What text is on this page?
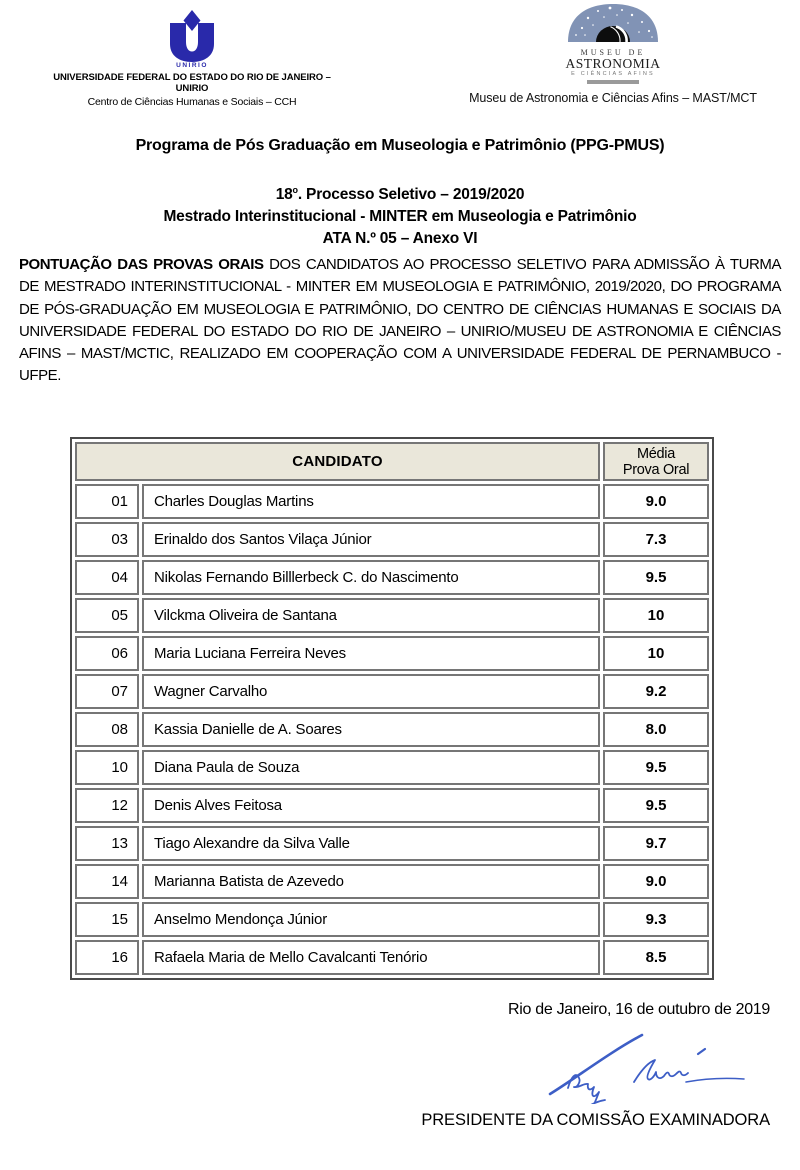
UNIRIO
UNIVERSIDADE FEDERAL DO ESTADO DO RIO DE JANEIRO – UNIRIO
Centro de Ciências Humanas e Sociais – CCH
MUSEU DE
ASTRONOMIA
E CIÊNCIAS AFINS
Museu de Astronomia e Ciências Afins – MAST/MCT
Programa de Pós Graduação em Museologia e Patrimônio (PPG-PMUS)
18$^o$. Processo Seletivo – 2019/2020
Mestrado Interinstitucional - MINTER em Museologia e Patrimônio
ATA N.º 05 – Anexo VI

PONTUAÇÃO DAS PROVAS ORAIS DOS CANDIDATOS AO PROCESSO SELETIVO PARA ADMISSÃO À TURMA DE MESTRADO INTERINSTITUCIONAL - MINTER EM MUSEOLOGIA E PATRIMÔNIO, 2019/2020, DO PROGRAMA DE PÓS-GRADUAÇÃO EM MUSEOLOGIA E PATRIMÔNIO, DO CENTRO DE CIÊNCIAS HUMANAS E SOCIAIS DA UNIVERSIDADE FEDERAL DO ESTADO DO RIO DE JANEIRO – UNIRIO/MUSEU DE ASTRONOMIA E CIÊNCIAS AFINS – MAST/MCTIC, REALIZADO EM COOPERAÇÃO COM A UNIVERSIDADE FEDERAL DE PERNAMBUCO - UFPE.

CANDIDATO		Média
Prova Oral

01	Charles Douglas Martins	9.0
03	Erinaldo dos Santos Vilaça Júnior	7.3
04	Nikolas Fernando Billlerbeck C. do Nascimento	9.5
05	Vilckma Oliveira de Santana	10
06	Maria Luciana Ferreira Neves	10
07	Wagner Carvalho	9.2
08	Kassia Danielle de A. Soares	8.0
10	Diana Paula de Souza	9.5
12	Denis Alves Feitosa	9.5
13	Tiago Alexandre da Silva Valle	9.7
14	Marianna Batista de Azevedo	9.0
15	Anselmo Mendonça Júnior	9.3
16	Rafaela Maria de Mello Cavalcanti Tenório	8.5
Rio de Janeiro, 16 de outubro de 2019
PRESIDENTE DA COMISSÃO EXAMINADORA
